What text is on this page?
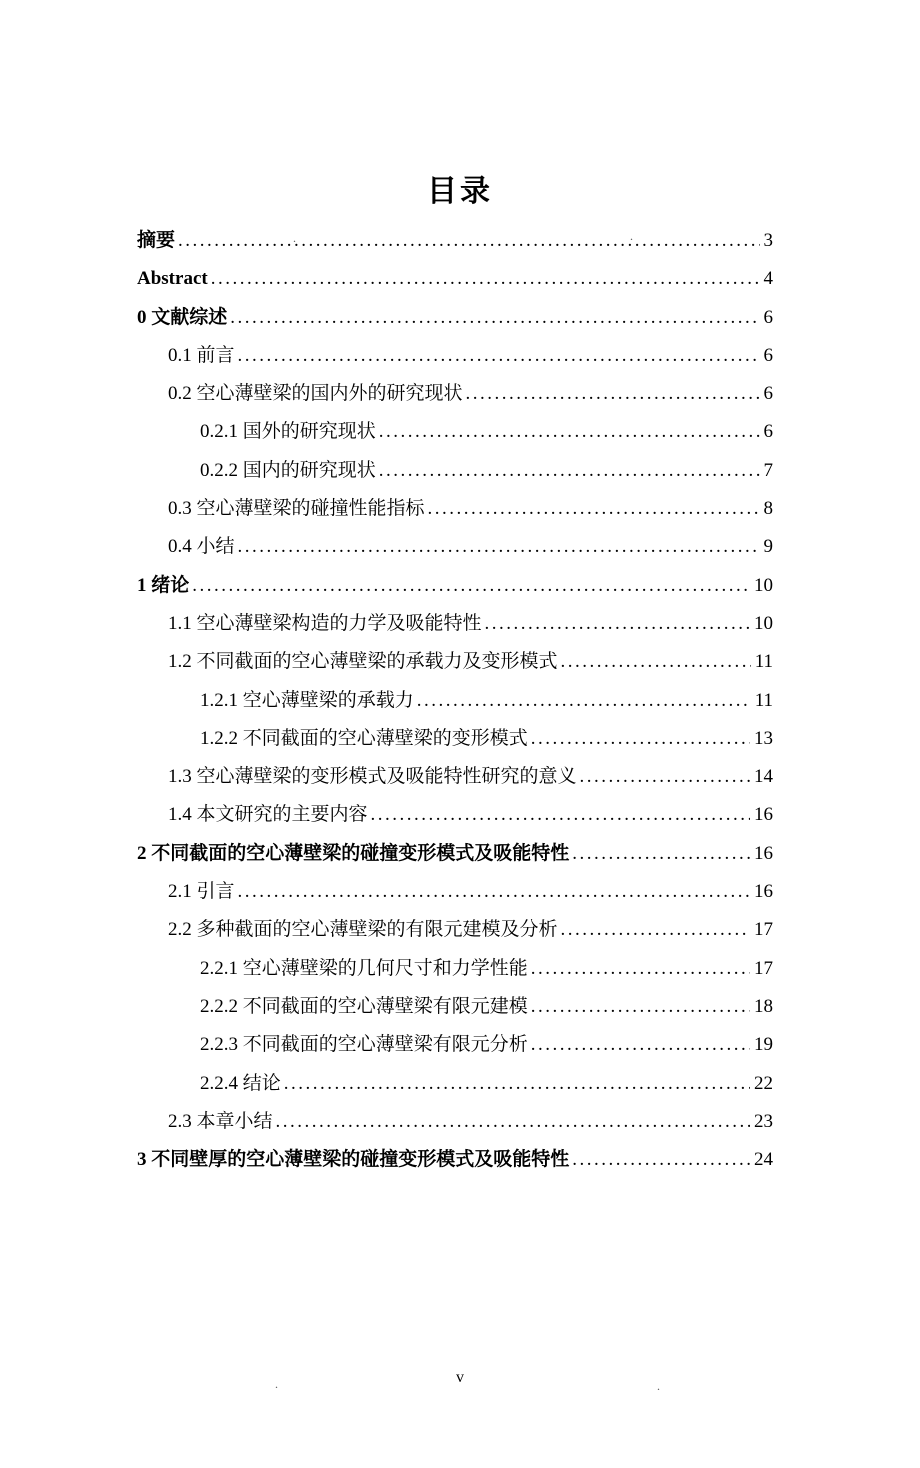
.	.
.	.
目录
摘要 .....	3
Abstract .....	4
0 文献综述 .....	6
0.1 前言 .....	6
0.2 空心薄壁梁的国内外的研究现状 .....	6
0.2.1 国外的研究现状 .....	6
0.2.2 国内的研究现状 .....	7
0.3 空心薄壁梁的碰撞性能指标 .....	8
0.4 小结 .....	9
1 绪论 .....	10
1.1 空心薄壁梁构造的力学及吸能特性 .....	10
1.2 不同截面的空心薄壁梁的承载力及变形模式 .....	11
1.2.1 空心薄壁梁的承载力 .....	11
1.2.2 不同截面的空心薄壁梁的变形模式 .....	13
1.3 空心薄壁梁的变形模式及吸能特性研究的意义 .....	14
1.4 本文研究的主要内容 .....	16
2 不同截面的空心薄壁梁的碰撞变形模式及吸能特性 .....	16
2.1 引言 .....	16
2.2 多种截面的空心薄壁梁的有限元建模及分析 .....	17
2.2.1 空心薄壁梁的几何尺寸和力学性能 .....	17
2.2.2 不同截面的空心薄壁梁有限元建模 .....	18
2.2.3 不同截面的空心薄壁梁有限元分析 .....	19
2.2.4 结论 .....	22
2.3 本章小结 .....	23
3 不同壁厚的空心薄壁梁的碰撞变形模式及吸能特性 .....	24
v
